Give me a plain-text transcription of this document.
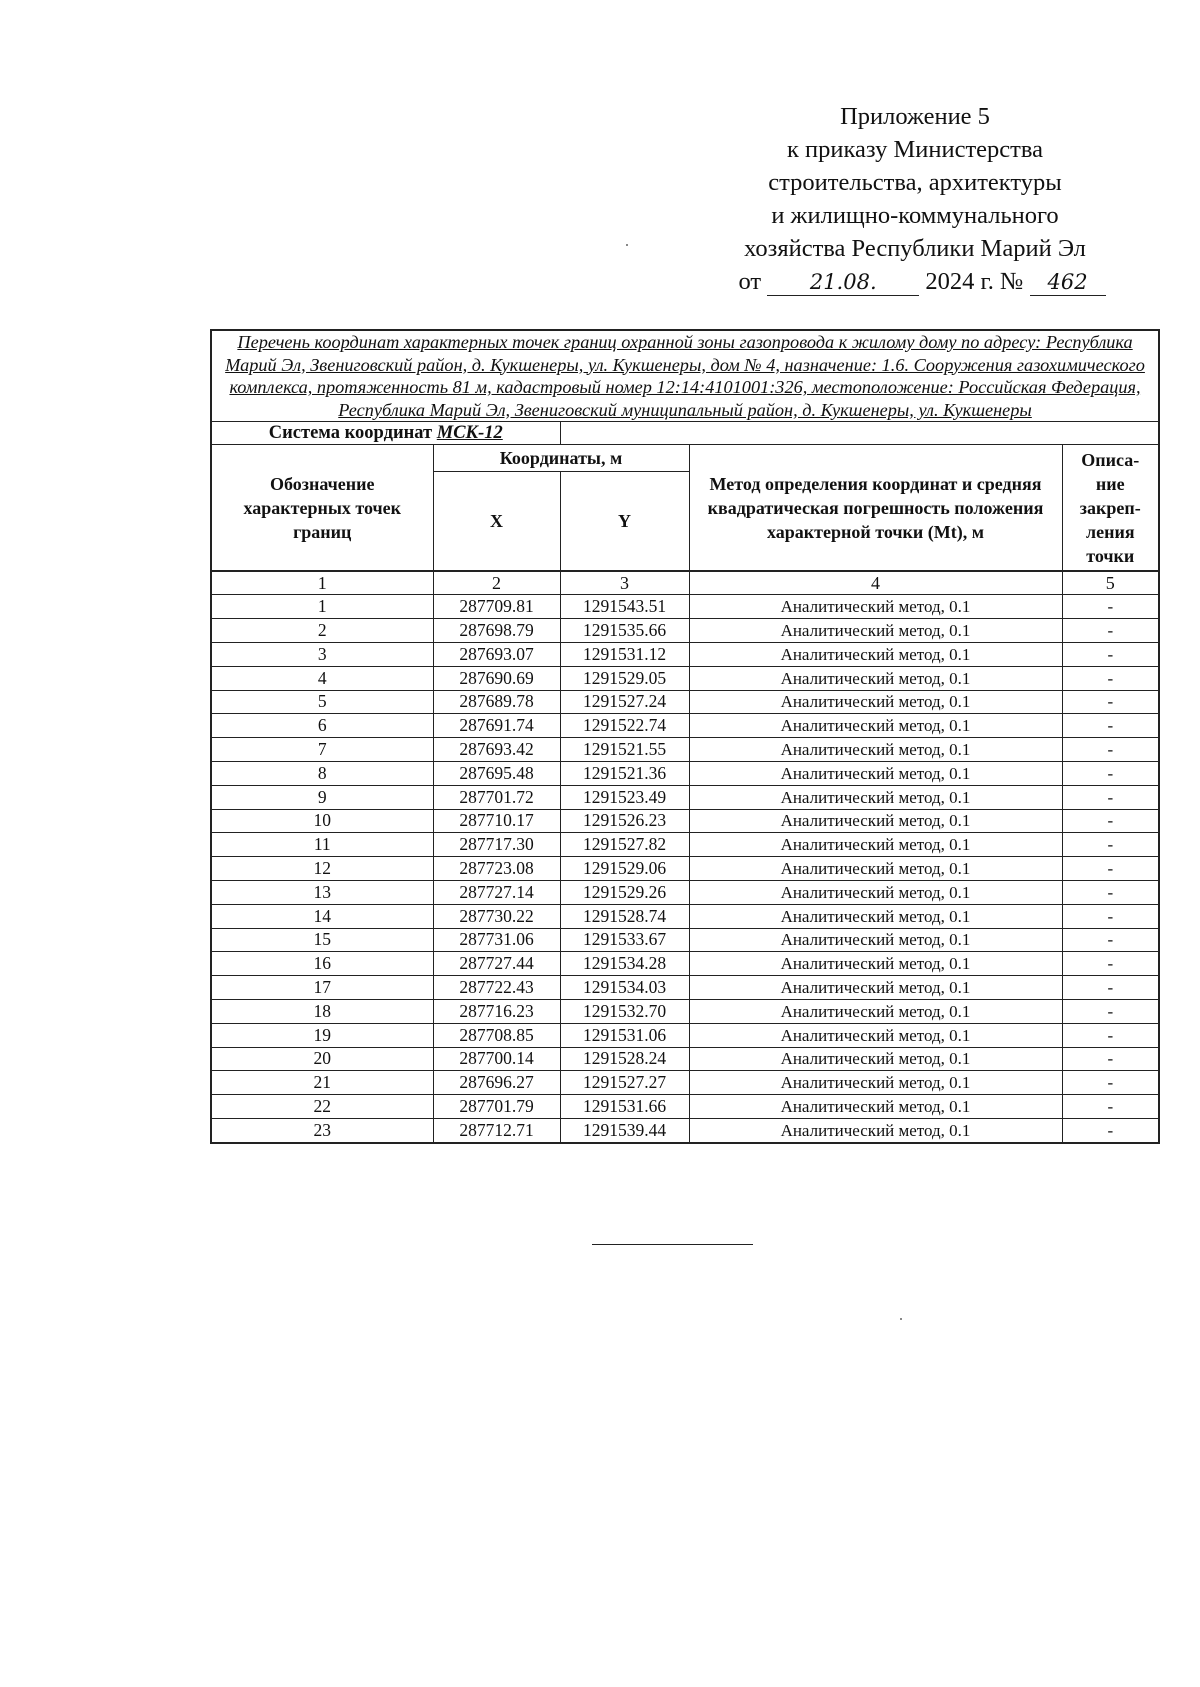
Приложение 5
к приказу Министерства
строительства, архитектуры
и жилищно-коммунального
хозяйства Республики Марий Эл
от 21.08. 2024 г. № 462
Перечень координат характерных точек границ охранной зоны газопровода к жилому дому по адресу: Республика Марий Эл, Звениговский район, д. Кукшенеры, ул. Кукшенеры, дом № 4, назначение: 1.6. Сооружения газохимического комплекса, протяженность 81 м, кадастровый номер 12:14:4101001:326, местоположение: Российская Федерация, Республика Марий Эл, Звениговский муниципальный район, д. Кукшенеры, ул. Кукшенеры				
Система координат МСК-12				
Обозначение характерных точек границ	Координаты, м		Метод определения координат и средняя квадратическая погрешность положения характерной точки (Mt), м	Описа-ние закреп-ления точки
	X	Y		
1	2	3	4	5
1	287709.81	1291543.51	Аналитический метод, 0.1	-
2	287698.79	1291535.66	Аналитический метод, 0.1	-
3	287693.07	1291531.12	Аналитический метод, 0.1	-
4	287690.69	1291529.05	Аналитический метод, 0.1	-
5	287689.78	1291527.24	Аналитический метод, 0.1	-
6	287691.74	1291522.74	Аналитический метод, 0.1	-
7	287693.42	1291521.55	Аналитический метод, 0.1	-
8	287695.48	1291521.36	Аналитический метод, 0.1	-
9	287701.72	1291523.49	Аналитический метод, 0.1	-
10	287710.17	1291526.23	Аналитический метод, 0.1	-
11	287717.30	1291527.82	Аналитический метод, 0.1	-
12	287723.08	1291529.06	Аналитический метод, 0.1	-
13	287727.14	1291529.26	Аналитический метод, 0.1	-
14	287730.22	1291528.74	Аналитический метод, 0.1	-
15	287731.06	1291533.67	Аналитический метод, 0.1	-
16	287727.44	1291534.28	Аналитический метод, 0.1	-
17	287722.43	1291534.03	Аналитический метод, 0.1	-
18	287716.23	1291532.70	Аналитический метод, 0.1	-
19	287708.85	1291531.06	Аналитический метод, 0.1	-
20	287700.14	1291528.24	Аналитический метод, 0.1	-
21	287696.27	1291527.27	Аналитический метод, 0.1	-
22	287701.79	1291531.66	Аналитический метод, 0.1	-
23	287712.71	1291539.44	Аналитический метод, 0.1	-
